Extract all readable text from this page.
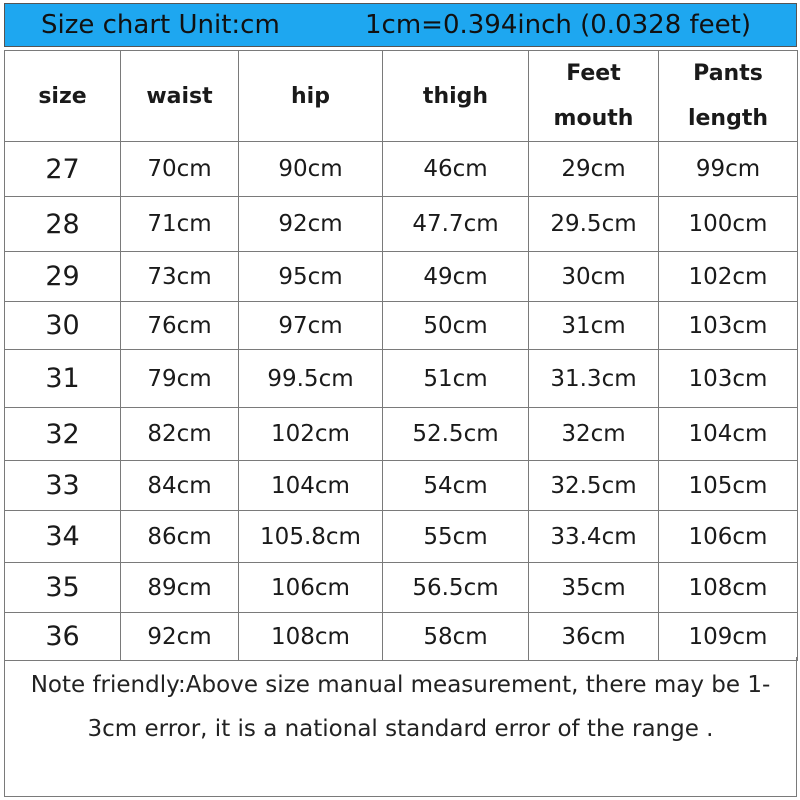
Size chart Unit:cm	1cm=0.394inch (0.0328 feet)
size	waist	hip	thigh	Feet mouth	Pants length
27	70cm	90cm	46cm	29cm	99cm
28	71cm	92cm	47.7cm	29.5cm	100cm
29	73cm	95cm	49cm	30cm	102cm
30	76cm	97cm	50cm	31cm	103cm
31	79cm	99.5cm	51cm	31.3cm	103cm
32	82cm	102cm	52.5cm	32cm	104cm
33	84cm	104cm	54cm	32.5cm	105cm
34	86cm	105.8cm	55cm	33.4cm	106cm
35	89cm	106cm	56.5cm	35cm	108cm
36	92cm	108cm	58cm	36cm	109cm
Note friendly:Above size manual measurement, there may be 1-3cm error, it is a national standard error of the range .
